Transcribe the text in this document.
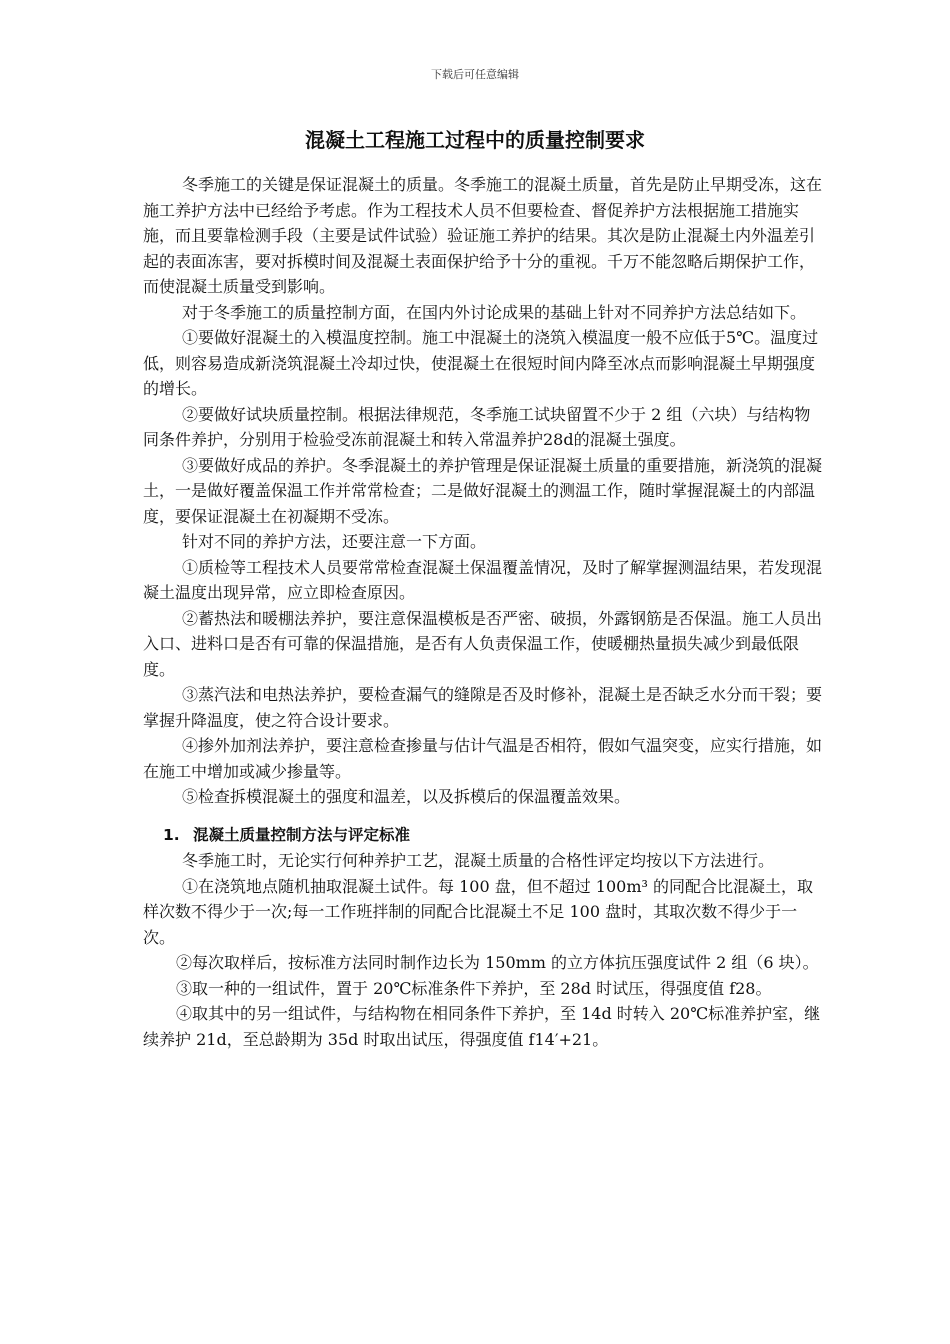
下载后可任意编辑
混凝土工程施工过程中的质量控制要求

冬季施工的关键是保证混凝土的质量。冬季施工的混凝土质量，首先是防止早期受冻，这在施工养护方法中已经给予考虑。作为工程技术人员不但要检查、督促养护方法根据施工措施实施，而且要靠检测手段（主要是试件试验）验证施工养护的结果。其次是防止混凝土内外温差引起的表面冻害，要对拆模时间及混凝土表面保护给予十分的重视。千万不能忽略后期保护工作，而使混凝土质量受到影响。

对于冬季施工的质量控制方面，在国内外讨论成果的基础上针对不同养护方法总结如下。

①要做好混凝土的入模温度控制。施工中混凝土的浇筑入模温度一般不应低于5℃。温度过低，则容易造成新浇筑混凝土冷却过快，使混凝土在很短时间内降至冰点而影响混凝土早期强度的增长。

②要做好试块质量控制。根据法律规范，冬季施工试块留置不少于 2 组（六块）与结构物同条件养护，分别用于检验受冻前混凝土和转入常温养护28d的混凝土强度。

③要做好成品的养护。冬季混凝土的养护管理是保证混凝土质量的重要措施，新浇筑的混凝土，一是做好覆盖保温工作并常常检查；二是做好混凝土的测温工作，随时掌握混凝土的内部温度，要保证混凝土在初凝期不受冻。

针对不同的养护方法，还要注意一下方面。

①质检等工程技术人员要常常检查混凝土保温覆盖情况，及时了解掌握测温结果，若发现混凝土温度出现异常，应立即检查原因。

②蓄热法和暖棚法养护，要注意保温模板是否严密、破损，外露钢筋是否保温。施工人员出入口、进料口是否有可靠的保温措施，是否有人负责保温工作，使暖棚热量损失减少到最低限度。

③蒸汽法和电热法养护，要检查漏气的缝隙是否及时修补，混凝土是否缺乏水分而干裂；要掌握升降温度，使之符合设计要求。

④掺外加剂法养护，要注意检查掺量与估计气温是否相符，假如气温突变，应实行措施，如在施工中增加或减少掺量等。

⑤检查拆模混凝土的强度和温差，以及拆模后的保温覆盖效果。

1. 混凝土质量控制方法与评定标准

冬季施工时，无论实行何种养护工艺，混凝土质量的合格性评定均按以下方法进行。

①在浇筑地点随机抽取混凝土试件。每 100 盘，但不超过 100m³ 的同配合比混凝土，取样次数不得少于一次;每一工作班拌制的同配合比混凝土不足 100 盘时，其取次数不得少于一次。

②每次取样后，按标准方法同时制作边长为 150mm 的立方体抗压强度试件 2 组（6 块）。

③取一种的一组试件，置于 20℃标准条件下养护，至 28d 时试压，得强度值 f28。

④取其中的另一组试件，与结构物在相同条件下养护，至 14d 时转入 20℃标准养护室，继续养护 21d，至总龄期为 35d 时取出试压，得强度值 f14′+21。
